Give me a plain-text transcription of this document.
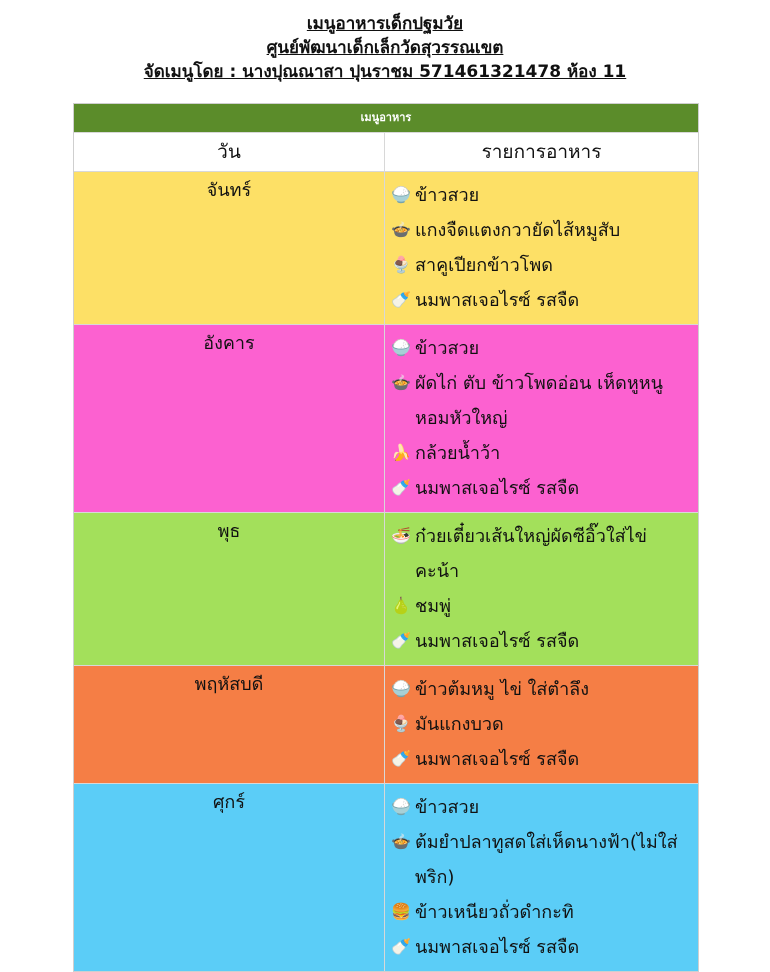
เมนูอาหารเด็กปฐมวัย
ศูนย์พัฒนาเด็กเล็กวัดสุวรรณเขต
จัดเมนูโดย : นางปุณณาสา ปุนราชม 571461321478 ห้อง 11
เมนูอาหาร
วัน	รายการอาหาร
จันทร์	🍚 ข้าวสวย
🍲 แกงจืดแตงกวายัดไส้หมูสับ
🍨 สาคูเปียกข้าวโพด
🍼 นมพาสเจอไรซ์ รสจืด
อังคาร	🍚 ข้าวสวย
🍲 ผัดไก่ ตับ ข้าวโพดอ่อน เห็ดหูหนู หอมหัวใหญ่
🍌 กล้วยน้ำว้า
🍼 นมพาสเจอไรซ์ รสจืด
พุธ	🍜 ก๋วยเตี๋ยวเส้นใหญ่ผัดซีอิ๊วใส่ไข่ คะน้า
🍐 ชมพู่
🍼 นมพาสเจอไรซ์ รสจืด
พฤหัสบดี	🍚 ข้าวต้มหมู ไข่ ใส่ตำลึง
🍨 มันแกงบวด
🍼 นมพาสเจอไรซ์ รสจืด
ศุกร์	🍚 ข้าวสวย
🍲 ต้มยำปลาทูสดใส่เห็ดนางฟ้า(ไม่ใส่พริก)
🍔 ข้าวเหนียวถั่วดำกะทิ
🍼 นมพาสเจอไรซ์ รสจืด
